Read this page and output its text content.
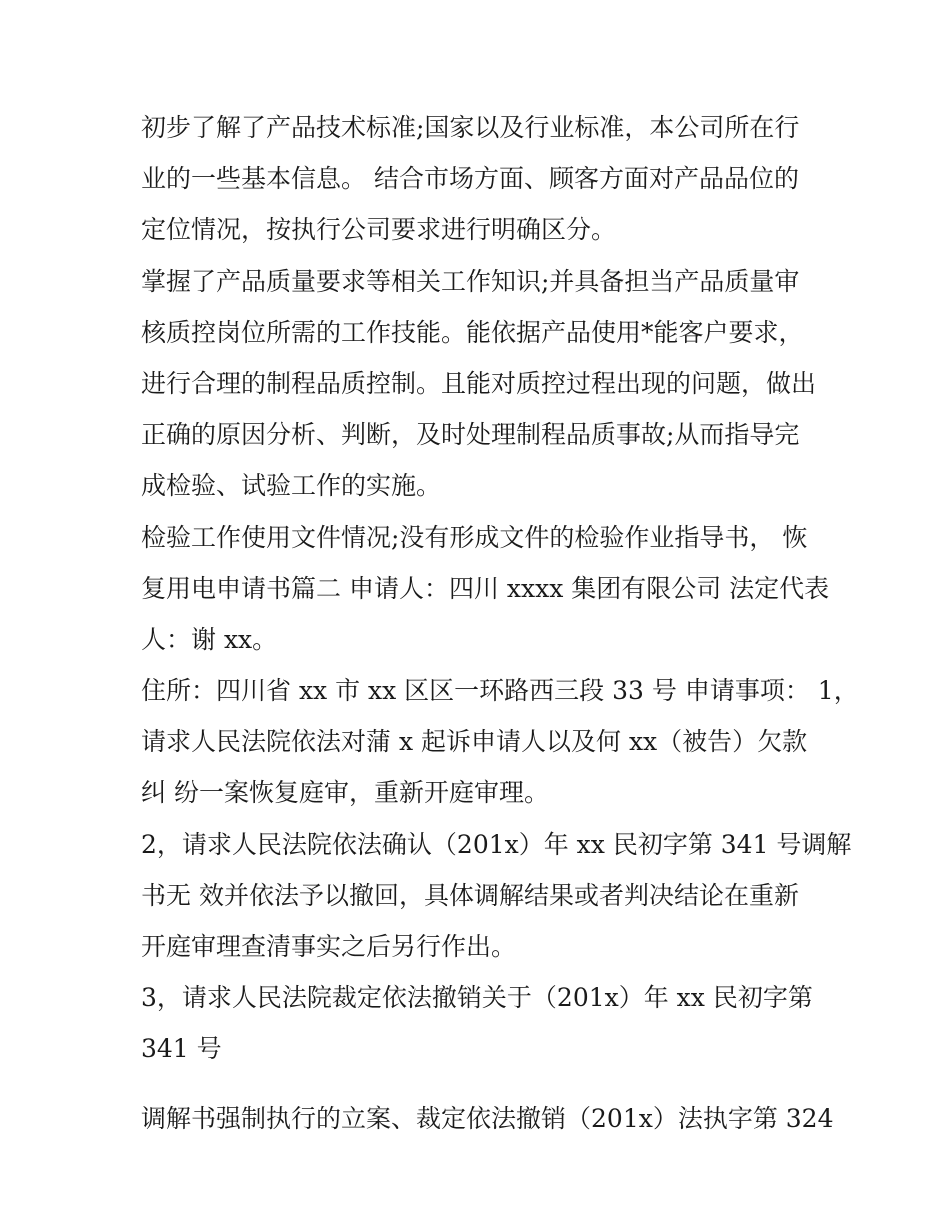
初步了解了产品技术标准;国家以及行业标准，本公司所在行
业的一些基本信息。 结合市场方面、顾客方面对产品品位的
定位情况，按执行公司要求进行明确区分。
掌握了产品质量要求等相关工作知识;并具备担当产品质量审
核质控岗位所需的工作技能。能依据产品使用*能客户要求，
进行合理的制程品质控制。且能对质控过程出现的问题，做出
正确的原因分析、判断，及时处理制程品质事故;从而指导完
成检验、试验工作的实施。
检验工作使用文件情况;没有形成文件的检验作业指导书， 恢
复用电申请书篇二 申请人：四川 xxxx 集团有限公司 法定代表
人：谢 xx。
住所：四川省 xx 市 xx 区区一环路西三段 33 号 申请事项： 1，
请求人民法院依法对蒲 x 起诉申请人以及何 xx（被告）欠款
纠 纷一案恢复庭审，重新开庭审理。
2，请求人民法院依法确认（201x）年 xx 民初字第 341 号调解
书无 效并依法予以撤回，具体调解结果或者判决结论在重新
开庭审理查清事实之后另行作出。
3，请求人民法院裁定依法撤销关于（201x）年 xx 民初字第
341 号
调解书强制执行的立案、裁定依法撤销（201x）法执字第 324
